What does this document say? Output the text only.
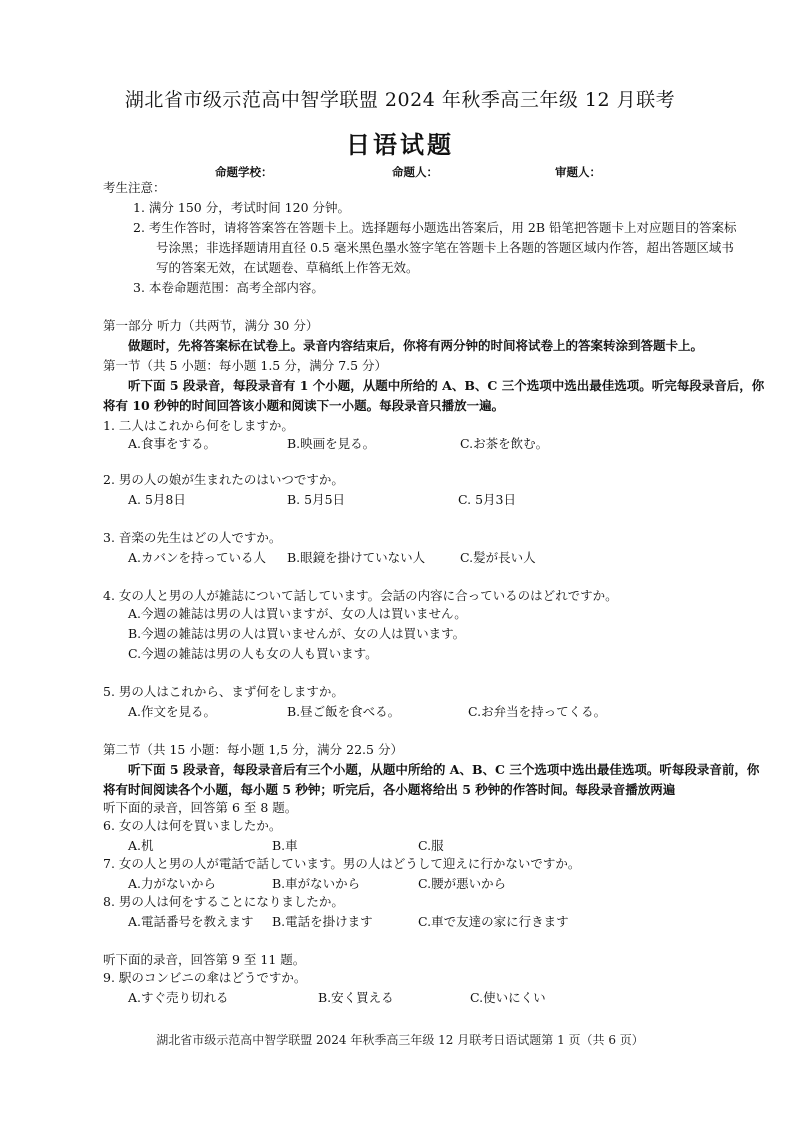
湖北省市级示范高中智学联盟 2024 年秋季高三年级 12 月联考
日语试题
命题学校：	命题人：	审题人：
考生注意：
1. 满分 150 分，考试时间 120 分钟。
2. 考生作答时，请将答案答在答题卡上。选择题每小题选出答案后，用 2B 铅笔把答题卡上对应题目的答案标
号涂黑；非选择题请用直径 0.5 毫米黑色墨水签字笔在答题卡上各题的答题区域内作答，超出答题区域书
写的答案无效，在试题卷、草稿纸上作答无效。
3. 本卷命题范围：高考全部内容。
第一部分 听力（共两节，满分 30 分）
做题时，先将答案标在试卷上。录音内容结束后，你将有两分钟的时间将试卷上的答案转涂到答题卡上。
第一节（共 5 小题：每小题 1.5 分，满分 7.5 分）
听下面 5 段录音，每段录音有 1 个小题，从题中所给的 A、B、C 三个选项中选出最佳选项。听完每段录音后，你
将有 10 秒钟的时间回答该小题和阅读下一小题。每段录音只播放一遍。
1. 二人はこれから何をしますか。
A.食事をする。	B.映画を見る。	C.お茶を飲む。
2. 男の人の娘が生まれたのはいつですか。
A. 5月8日	B. 5月5日	C. 5月3日
3. 音楽の先生はどの人ですか。
A.カバンを持っている人 B.眼鏡を掛けていない人	C.髪が長い人
4. 女の人と男の人が雑誌について話しています。会話の内容に合っているのはどれですか。
A.今週の雑誌は男の人は買いますが、女の人は買いません。
B.今週の雑誌は男の人は買いませんが、女の人は買います。
C.今週の雑誌は男の人も女の人も買います。
5. 男の人はこれから、まず何をしますか。
A.作文を見る。	B.昼ご飯を食べる。	C.お弁当を持ってくる。
第二节（共 15 小题：每小题 1,5 分，满分 22.5 分）
听下面 5 段录音，每段录音后有三个小题，从题中所给的 A、B、C 三个选项中选出最佳选项。听每段录音前，你
将有时间阅读各个小题，每小题 5 秒钟；听完后，各小题将给出 5 秒钟的作答时间。每段录音播放两遍
听下面的录音，回答第 6 至 8 题。
6. 女の人は何を買いましたか。
A.机	B.車	C.服
7. 女の人と男の人が電話で話しています。男の人はどうして迎えに行かないですか。
A.力がないから	B.車がないから	C.腰が悪いから
8. 男の人は何をすることになりましたか。
A.電話番号を教えます B.電話を掛けます	C.車で友達の家に行きます
听下面的录音，回答第 9 至 11 题。
9. 駅のコンビニの傘はどうですか。
A.すぐ売り切れる	B.安く買える	C.使いにくい
湖北省市级示范高中智学联盟 2024 年秋季高三年级 12 月联考日语试题第 1 页（共 6 页）
